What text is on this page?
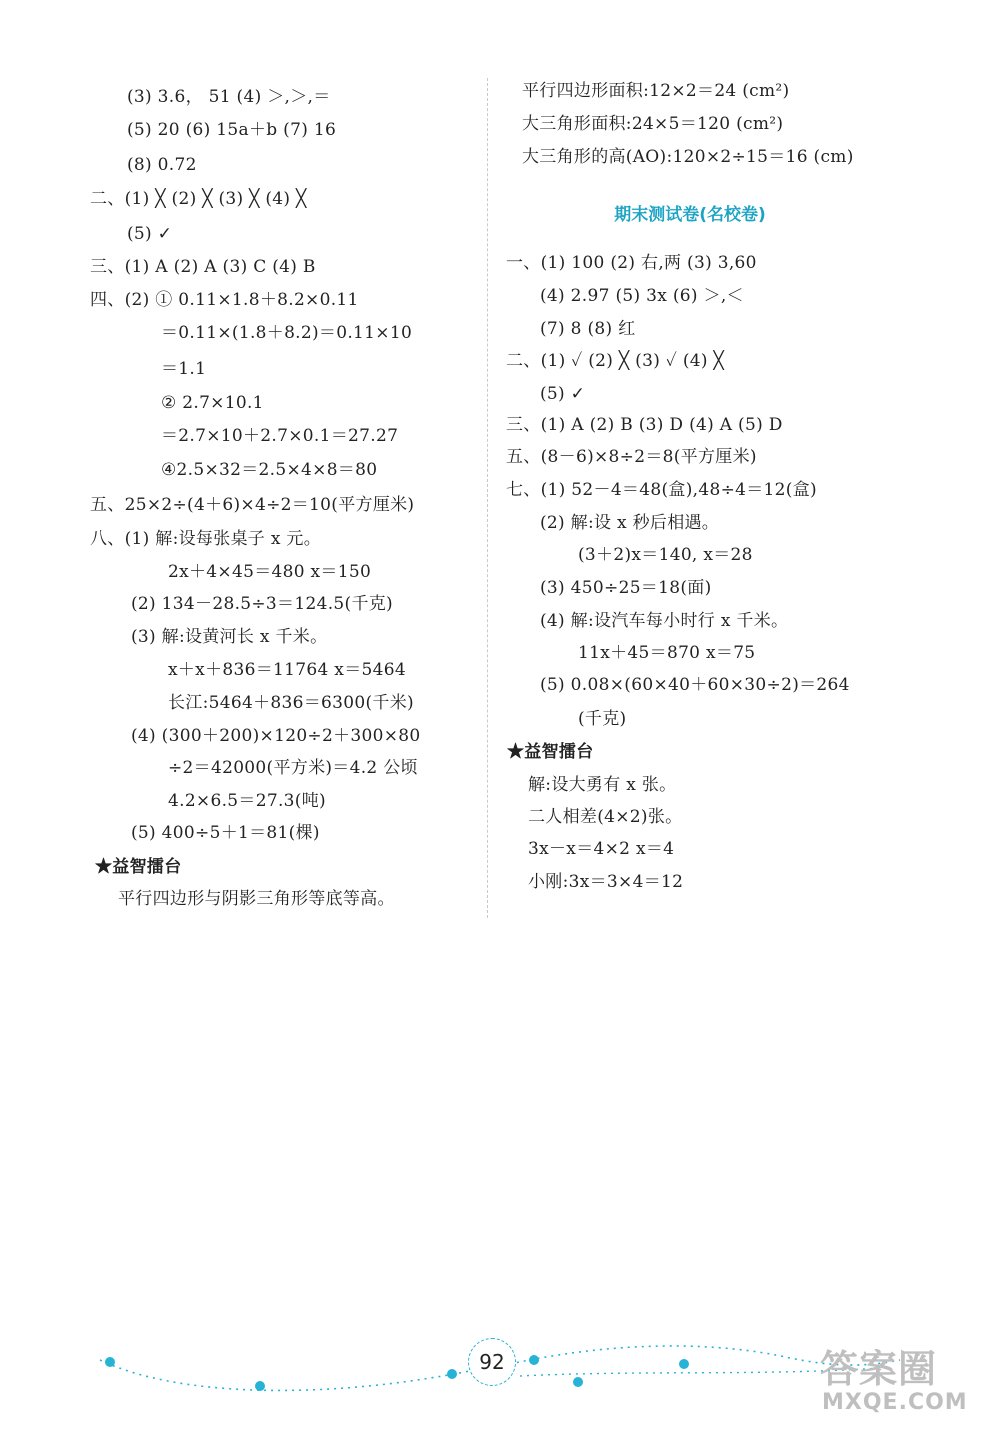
(3) 3.6， 51 (4) ＞,＞,＝
(5) 20 (6) 15a＋b (7) 16
(8) 0.72
二、(1) ╳ (2) ╳ (3) ╳ (4) ╳
(5) ✓
三、(1) A (2) A (3) C (4) B
四、(2) ① 0.11×1.8＋8.2×0.11
＝0.11×(1.8＋8.2)＝0.11×10
＝1.1
② 2.7×10.1
＝2.7×10＋2.7×0.1＝27.27
④2.5×32＝2.5×4×8＝80
五、25×2÷(4＋6)×4÷2＝10(平方厘米)
八、(1) 解:设每张桌子 x 元。
2x＋4×45＝480 x＝150
(2) 134－28.5÷3＝124.5(千克)
(3) 解:设黄河长 x 千米。
x＋x＋836＝11764 x＝5464
长江:5464＋836＝6300(千米)
(4) (300＋200)×120÷2＋300×80
÷2＝42000(平方米)＝4.2 公顷
4.2×6.5＝27.3(吨)
(5) 400÷5＋1＝81(棵)
★益智擂台
平行四边形与阴影三角形等底等高。
平行四边形面积:12×2＝24 (cm²)
大三角形面积:24×5＝120 (cm²)
大三角形的高(AO):120×2÷15＝16 (cm)
期末测试卷(名校卷)
一、(1) 100 (2) 右,两 (3) 3,60
(4) 2.97 (5) 3x (6) ＞,＜
(7) 8 (8) 红
二、(1) ✓ (2) ╳ (3) ✓ (4) ╳
(5) ✓
三、(1) A (2) B (3) D (4) A (5) D
五、(8－6)×8÷2＝8(平方厘米)
七、(1) 52－4＝48(盒),48÷4＝12(盒)
(2) 解:设 x 秒后相遇。
(3＋2)x＝140, x＝28
(3) 450÷25＝18(面)
(4) 解:设汽车每小时行 x 千米。
11x＋45＝870 x＝75
(5) 0.08×(60×40＋60×30÷2)＝264
(千克)
★益智擂台
解:设大勇有 x 张。
二人相差(4×2)张。
3x－x＝4×2 x＝4
小刚:3x＝3×4＝12
92	答案圈
MXQE.COM
